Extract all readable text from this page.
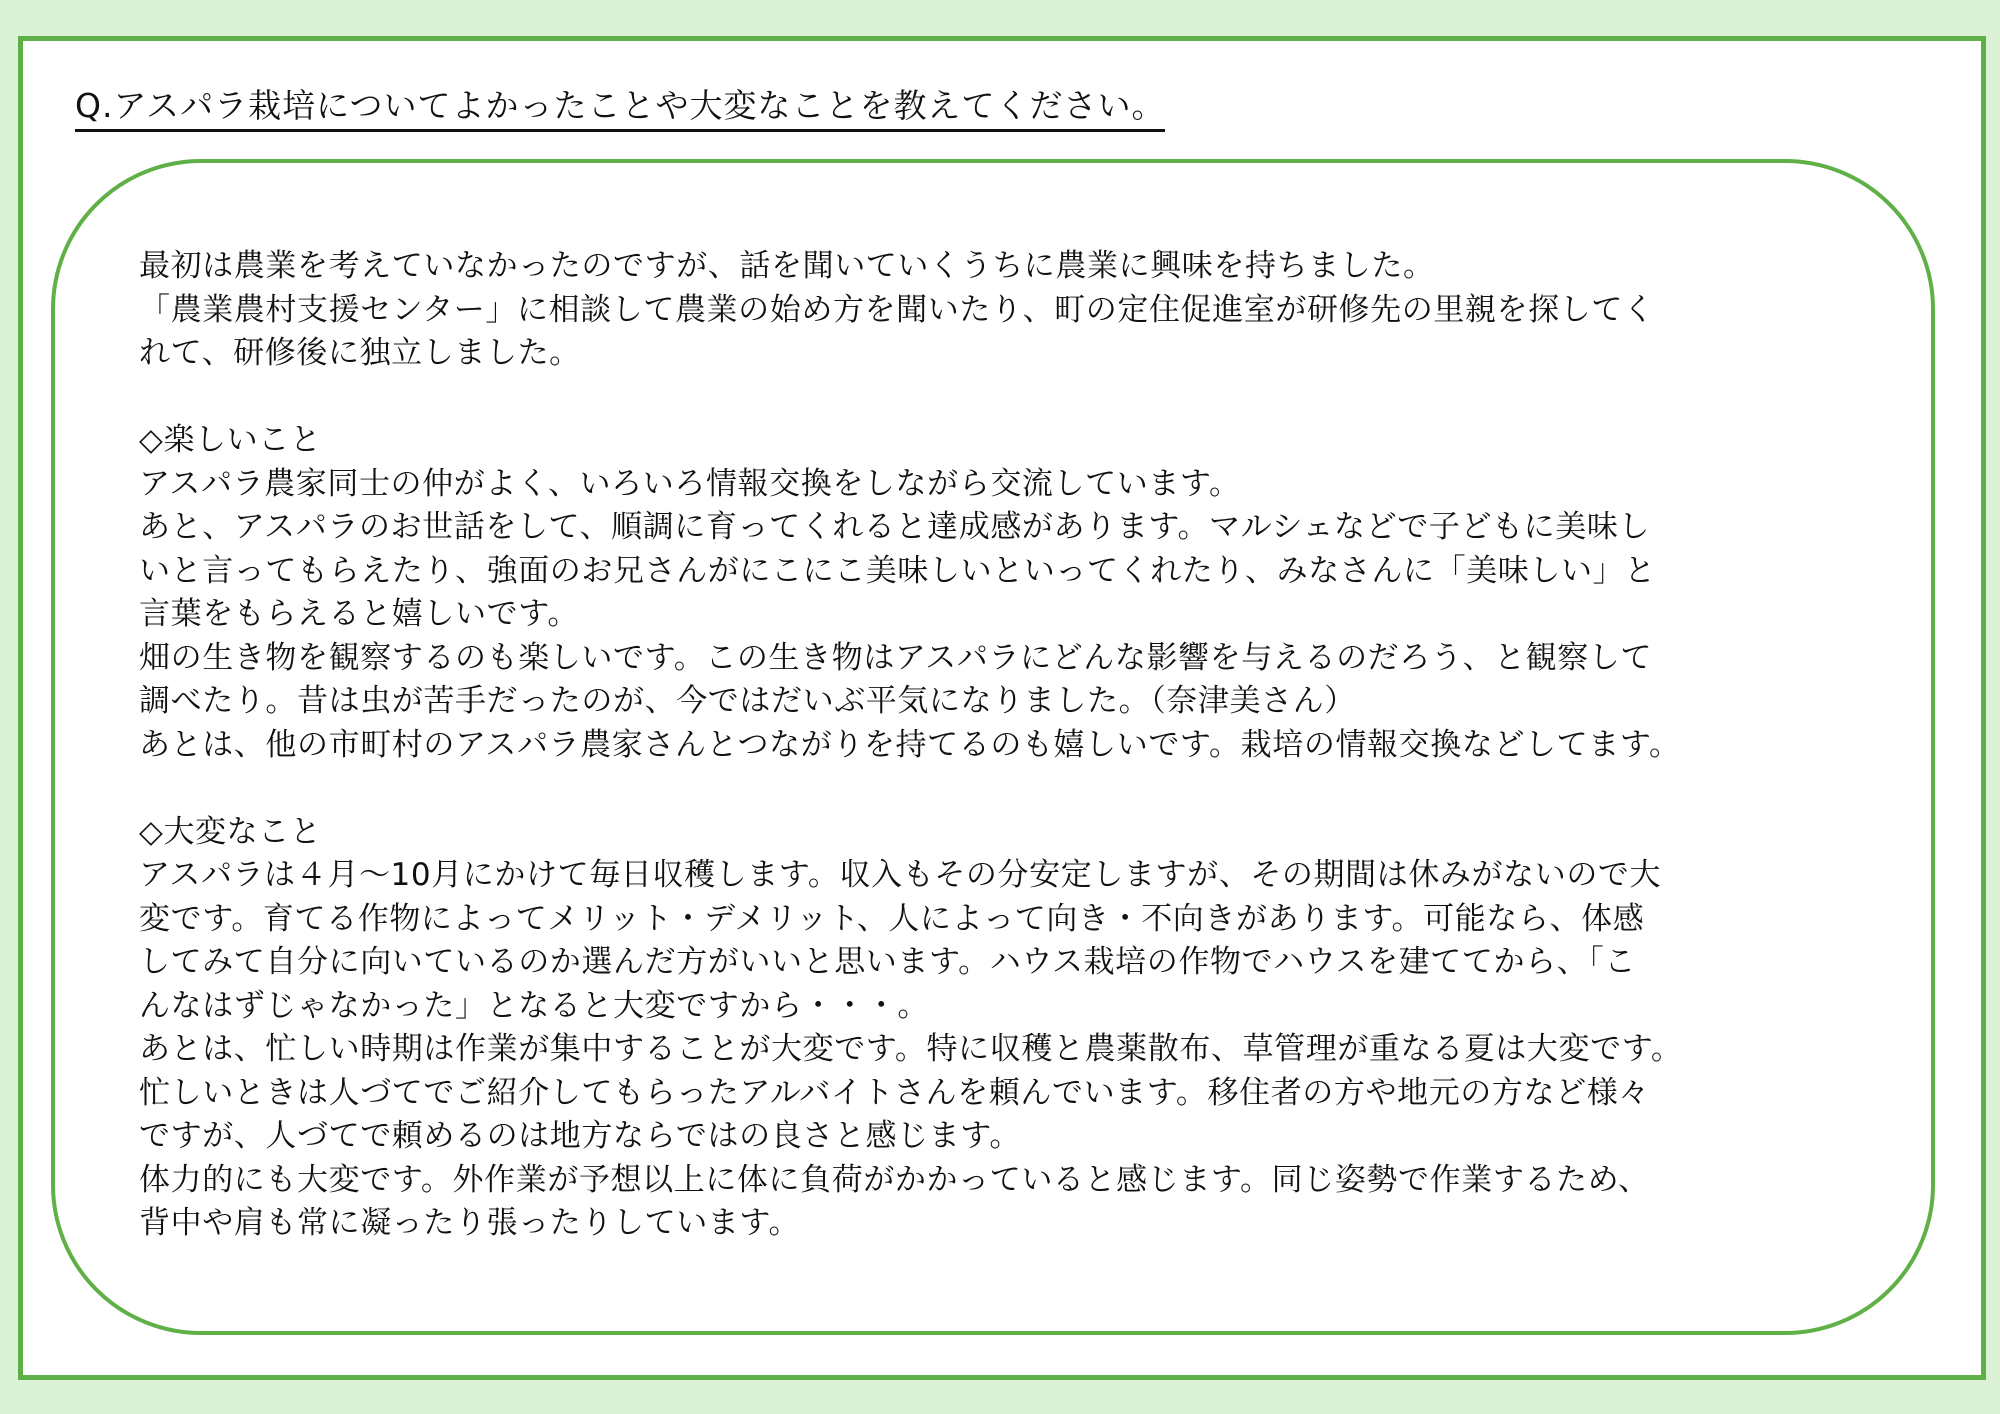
Q.アスパラ栽培についてよかったことや大変なことを教えてください。
最初は農業を考えていなかったのですが、話を聞いていくうちに農業に興味を持ちました。
「農業農村支援センター」に相談して農業の始め方を聞いたり、町の定住促進室が研修先の里親を探してく
れて、研修後に独立しました。
◇楽しいこと
アスパラ農家同士の仲がよく、いろいろ情報交換をしながら交流しています。
あと、アスパラのお世話をして、順調に育ってくれると達成感があります。マルシェなどで子どもに美味し
いと言ってもらえたり、強面のお兄さんがにこにこ美味しいといってくれたり、みなさんに「美味しい」と
言葉をもらえると嬉しいです。
畑の生き物を観察するのも楽しいです。この生き物はアスパラにどんな影響を与えるのだろう、と観察して
調べたり。昔は虫が苦手だったのが、今ではだいぶ平気になりました。（奈津美さん）
あとは、他の市町村のアスパラ農家さんとつながりを持てるのも嬉しいです。栽培の情報交換などしてます。
◇大変なこと
アスパラは４月～10月にかけて毎日収穫します。収入もその分安定しますが、その期間は休みがないので大
変です。育てる作物によってメリット・デメリット、人によって向き・不向きがあります。可能なら、体感
してみて自分に向いているのか選んだ方がいいと思います。ハウス栽培の作物でハウスを建ててから、「こ
んなはずじゃなかった」となると大変ですから・・・。
あとは、忙しい時期は作業が集中することが大変です。特に収穫と農薬散布、草管理が重なる夏は大変です。
忙しいときは人づてでご紹介してもらったアルバイトさんを頼んでいます。移住者の方や地元の方など様々
ですが、人づてで頼めるのは地方ならではの良さと感じます。
体力的にも大変です。外作業が予想以上に体に負荷がかかっていると感じます。同じ姿勢で作業するため、
背中や肩も常に凝ったり張ったりしています。
